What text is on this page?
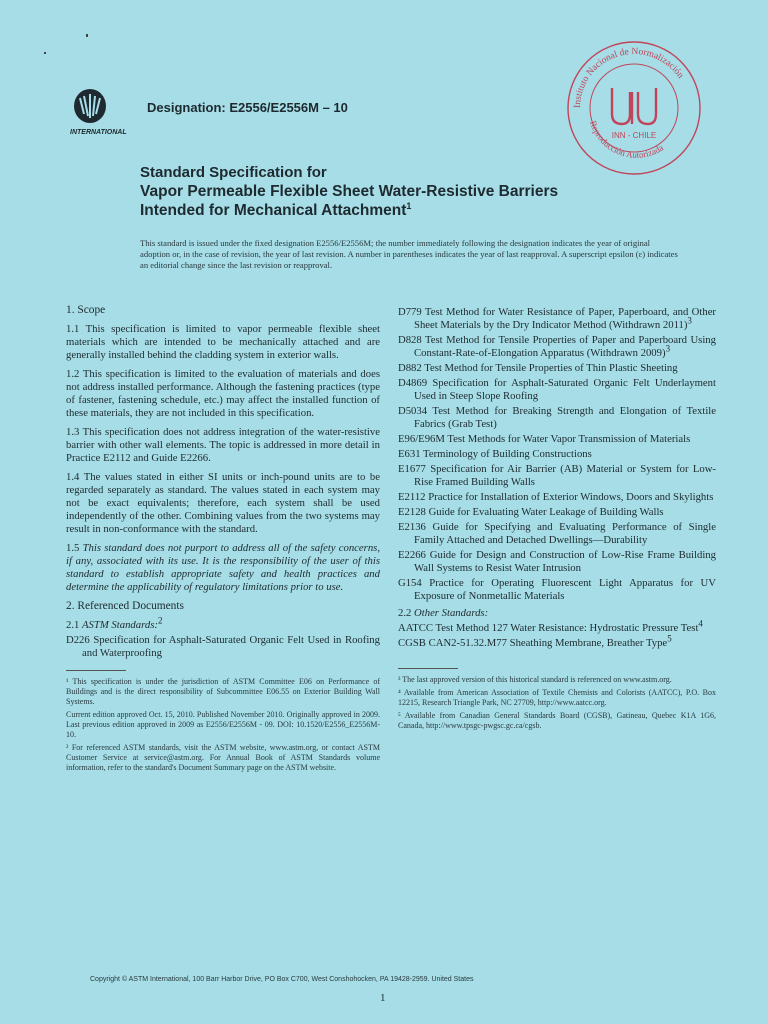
INTERNATIONAL
Designation: E2556/E2556M – 10	Instituto Nacional de Normalización
Reproducción Autorizada
INN - CHILE
Standard Specification for
Vapor Permeable Flexible Sheet Water-Resistive Barriers
Intended for Mechanical Attachment$^1$
This standard is issued under the fixed designation E2556/E2556M; the number immediately following the designation indicates the year of original adoption or, in the case of revision, the year of last revision. A number in parentheses indicates the year of last reapproval. A superscript epsilon (ε) indicates an editorial change since the last revision or reapproval.
1. Scope

1.1 This specification is limited to vapor permeable flexible sheet materials which are intended to be mechanically attached and are generally installed behind the cladding system in exterior walls.

1.2 This specification is limited to the evaluation of materials and does not address installed performance. Although the fastening practices (type of fastener, fastening schedule, etc.) may affect the installed function of these materials, they are not included in this specification.

1.3 This specification does not address integration of the water-resistive barrier with other wall elements. The topic is addressed in more detail in Practice E2112 and Guide E2266.

1.4 The values stated in either SI units or inch-pound units are to be regarded separately as standard. The values stated in each system may not be exact equivalents; therefore, each system shall be used independently of the other. Combining values from the two systems may result in non-conformance with the standard.

1.5 This standard does not purport to address all of the safety concerns, if any, associated with its use. It is the responsibility of the user of this standard to establish appropriate safety and health practices and determine the applicability of regulatory limitations prior to use.

2. Referenced Documents
2.1 ASTM Standards:$^2$
D226 Specification for Asphalt-Saturated Organic Felt Used in Roofing and Waterproofing

¹ This specification is under the jurisdiction of ASTM Committee E06 on Performance of Buildings and is the direct responsibility of Subcommittee E06.55 on Exterior Building Wall Systems.

Current edition approved Oct. 15, 2010. Published November 2010. Originally approved in 2009. Last previous edition approved in 2009 as E2556/E2556M - 09. DOI: 10.1520/E2556_E2556M-10.

² For referenced ASTM standards, visit the ASTM website, www.astm.org, or contact ASTM Customer Service at service@astm.org. For Annual Book of ASTM Standards volume information, refer to the standard's Document Summary page on the ASTM website.

D779 Test Method for Water Resistance of Paper, Paperboard, and Other Sheet Materials by the Dry Indicator Method (Withdrawn 2011)$^3$
D828 Test Method for Tensile Properties of Paper and Paperboard Using Constant-Rate-of-Elongation Apparatus (Withdrawn 2009)$^3$
D882 Test Method for Tensile Properties of Thin Plastic Sheeting
D4869 Specification for Asphalt-Saturated Organic Felt Underlayment Used in Steep Slope Roofing
D5034 Test Method for Breaking Strength and Elongation of Textile Fabrics (Grab Test)
E96/E96M Test Methods for Water Vapor Transmission of Materials
E631 Terminology of Building Constructions
E1677 Specification for Air Barrier (AB) Material or System for Low-Rise Framed Building Walls
E2112 Practice for Installation of Exterior Windows, Doors and Skylights
E2128 Guide for Evaluating Water Leakage of Building Walls
E2136 Guide for Specifying and Evaluating Performance of Single Family Attached and Detached Dwellings—Durability
E2266 Guide for Design and Construction of Low-Rise Frame Building Wall Systems to Resist Water Intrusion
G154 Practice for Operating Fluorescent Light Apparatus for UV Exposure of Nonmetallic Materials
2.2 Other Standards:
AATCC Test Method 127 Water Resistance: Hydrostatic Pressure Test$^4$
CGSB CAN2-51.32.M77 Sheathing Membrane, Breather Type$^5$

³ The last approved version of this historical standard is referenced on www.astm.org.

⁴ Available from American Association of Textile Chemists and Colorists (AATCC), P.O. Box 12215, Research Triangle Park, NC 27709, http://www.aatcc.org.

⁵ Available from Canadian General Standards Board (CGSB), Gatineau, Quebec K1A 1G6, Canada, http://www.tpsgc-pwgsc.gc.ca/cgsb.

Copyright © ASTM International, 100 Barr Harbor Drive, PO Box C700, West Conshohocken, PA 19428-2959. United States
1
